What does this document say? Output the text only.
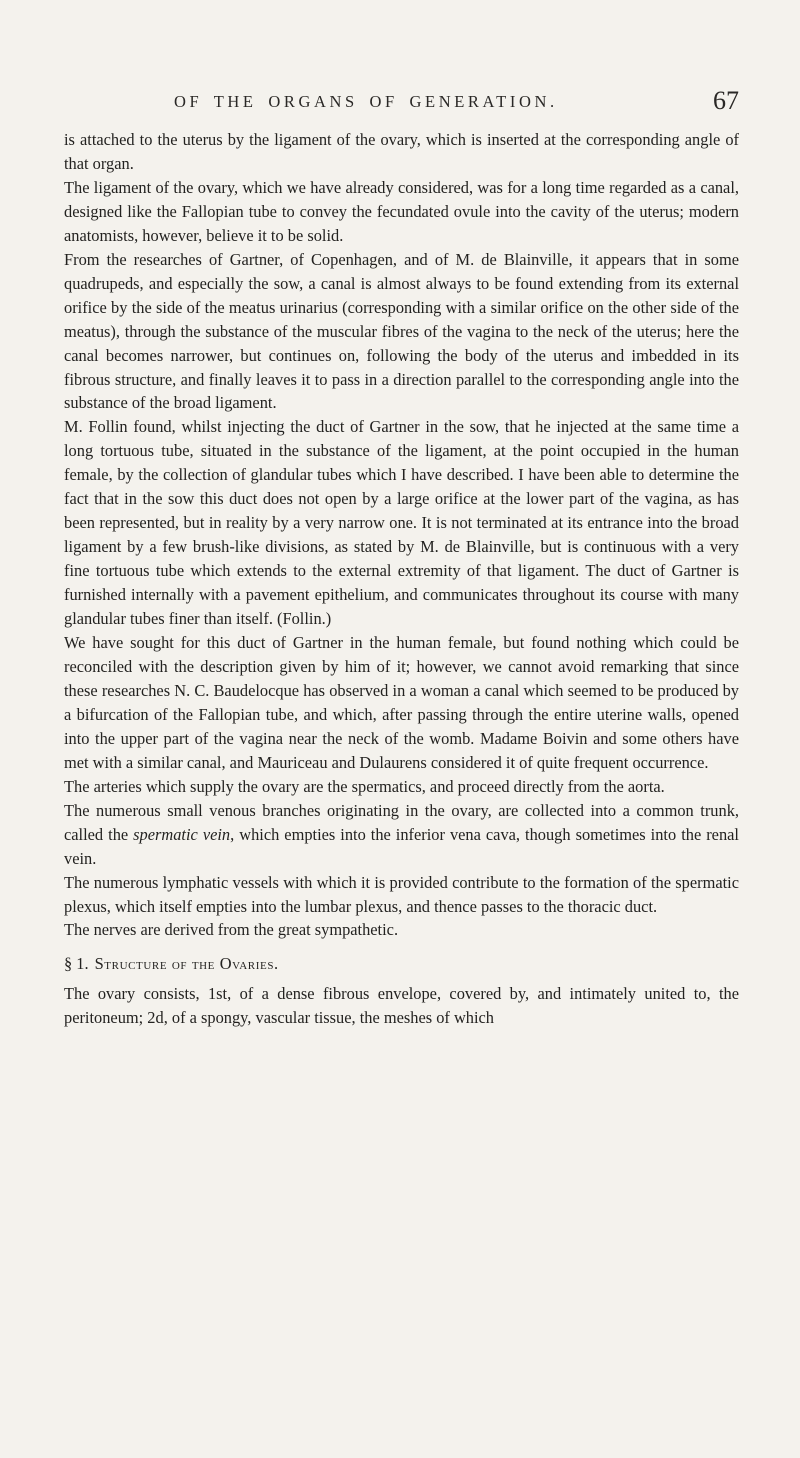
OF THE ORGANS OF GENERATION.	67

is attached to the uterus by the ligament of the ovary, which is inserted at the corresponding angle of that organ.

The ligament of the ovary, which we have already considered, was for a long time regarded as a canal, designed like the Fallopian tube to convey the fecundated ovule into the cavity of the uterus; modern anatomists, however, believe it to be solid.

From the researches of Gartner, of Copenhagen, and of M. de Blainville, it appears that in some quadrupeds, and especially the sow, a canal is almost always to be found extending from its external orifice by the side of the meatus urinarius (corresponding with a similar orifice on the other side of the meatus), through the substance of the muscular fibres of the vagina to the neck of the uterus; here the canal becomes narrower, but continues on, following the body of the uterus and imbedded in its fibrous structure, and finally leaves it to pass in a direction parallel to the corresponding angle into the substance of the broad ligament.

M. Follin found, whilst injecting the duct of Gartner in the sow, that he injected at the same time a long tortuous tube, situated in the substance of the ligament, at the point occupied in the human female, by the collection of glandular tubes which I have described. I have been able to determine the fact that in the sow this duct does not open by a large orifice at the lower part of the vagina, as has been represented, but in reality by a very narrow one. It is not terminated at its entrance into the broad ligament by a few brush-like divisions, as stated by M. de Blainville, but is continuous with a very fine tortuous tube which extends to the external extremity of that ligament. The duct of Gartner is furnished internally with a pavement epithelium, and communicates throughout its course with many glandular tubes finer than itself. (Follin.)

We have sought for this duct of Gartner in the human female, but found nothing which could be reconciled with the description given by him of it; however, we cannot avoid remarking that since these researches N. C. Baudelocque has observed in a woman a canal which seemed to be produced by a bifurcation of the Fallopian tube, and which, after passing through the entire uterine walls, opened into the upper part of the vagina near the neck of the womb. Madame Boivin and some others have met with a similar canal, and Mauriceau and Dulaurens considered it of quite frequent occurrence.

The arteries which supply the ovary are the spermatics, and proceed directly from the aorta.

The numerous small venous branches originating in the ovary, are collected into a common trunk, called the spermatic vein, which empties into the inferior vena cava, though sometimes into the renal vein.

The numerous lymphatic vessels with which it is provided contribute to the formation of the spermatic plexus, which itself empties into the lumbar plexus, and thence passes to the thoracic duct.

The nerves are derived from the great sympathetic.

§ 1. Structure of the Ovaries.

The ovary consists, 1st, of a dense fibrous envelope, covered by, and intimately united to, the peritoneum; 2d, of a spongy, vascular tissue, the meshes of which
